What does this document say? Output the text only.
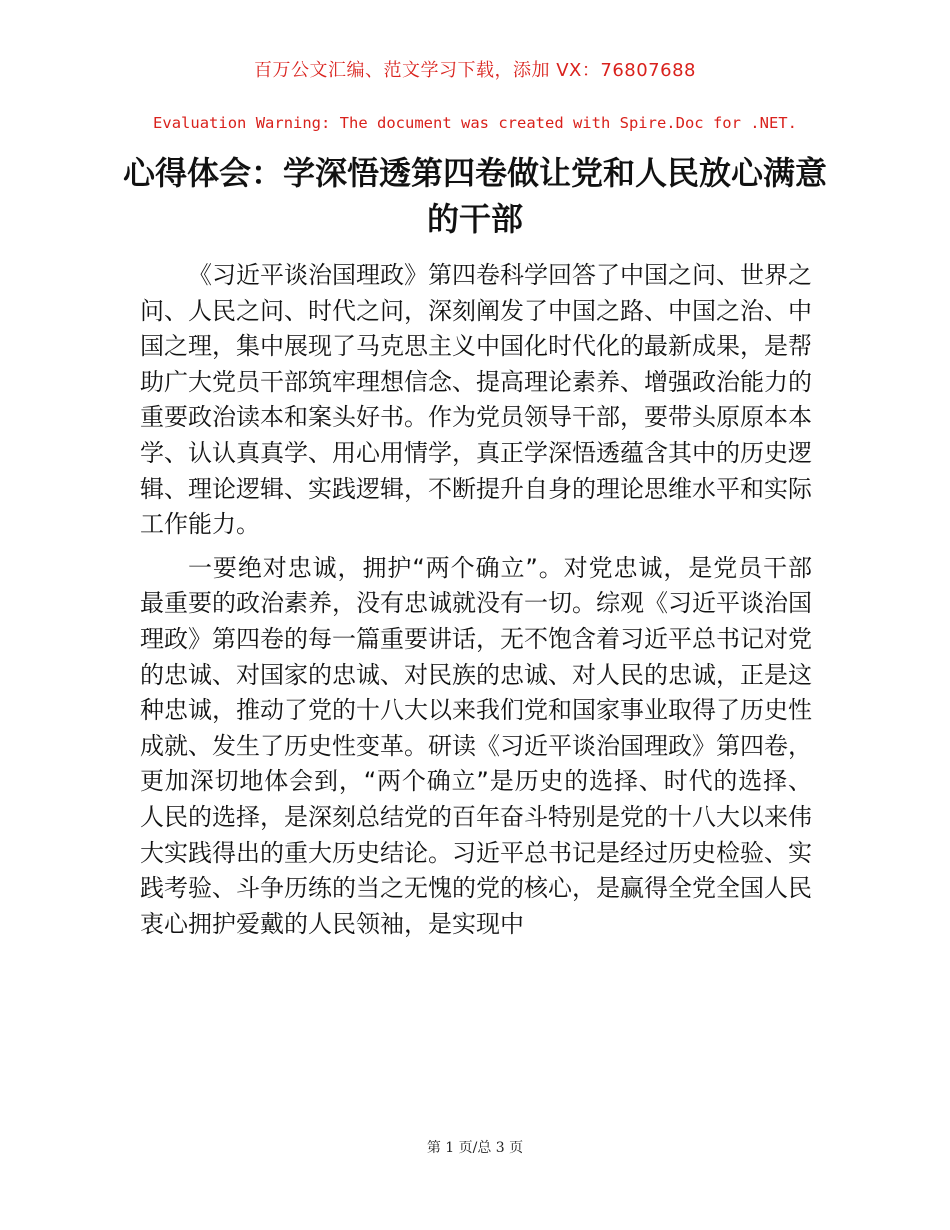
百万公文汇编、范文学习下载，添加 VX：76807688
Evaluation Warning: The document was created with Spire.Doc for .NET.
心得体会：学深悟透第四卷做让党和人民放心满意的干部

《习近平谈治国理政》第四卷科学回答了中国之问、世界之问、人民之问、时代之问，深刻阐发了中国之路、中国之治、中国之理，集中展现了马克思主义中国化时代化的最新成果，是帮助广大党员干部筑牢理想信念、提高理论素养、增强政治能力的重要政治读本和案头好书。作为党员领导干部，要带头原原本本学、认认真真学、用心用情学，真正学深悟透蕴含其中的历史逻辑、理论逻辑、实践逻辑，不断提升自身的理论思维水平和实际工作能力。

一要绝对忠诚，拥护“两个确立”。对党忠诚，是党员干部最重要的政治素养，没有忠诚就没有一切。综观《习近平谈治国理政》第四卷的每一篇重要讲话，无不饱含着习近平总书记对党的忠诚、对国家的忠诚、对民族的忠诚、对人民的忠诚，正是这种忠诚，推动了党的十八大以来我们党和国家事业取得了历史性成就、发生了历史性变革。研读《习近平谈治国理政》第四卷，更加深切地体会到，“两个确立”是历史的选择、时代的选择、人民的选择，是深刻总结党的百年奋斗特别是党的十八大以来伟大实践得出的重大历史结论。习近平总书记是经过历史检验、实践考验、斗争历练的当之无愧的党的核心，是赢得全党全国人民衷心拥护爱戴的人民领袖，是实现中

第 1 页/总 3 页
